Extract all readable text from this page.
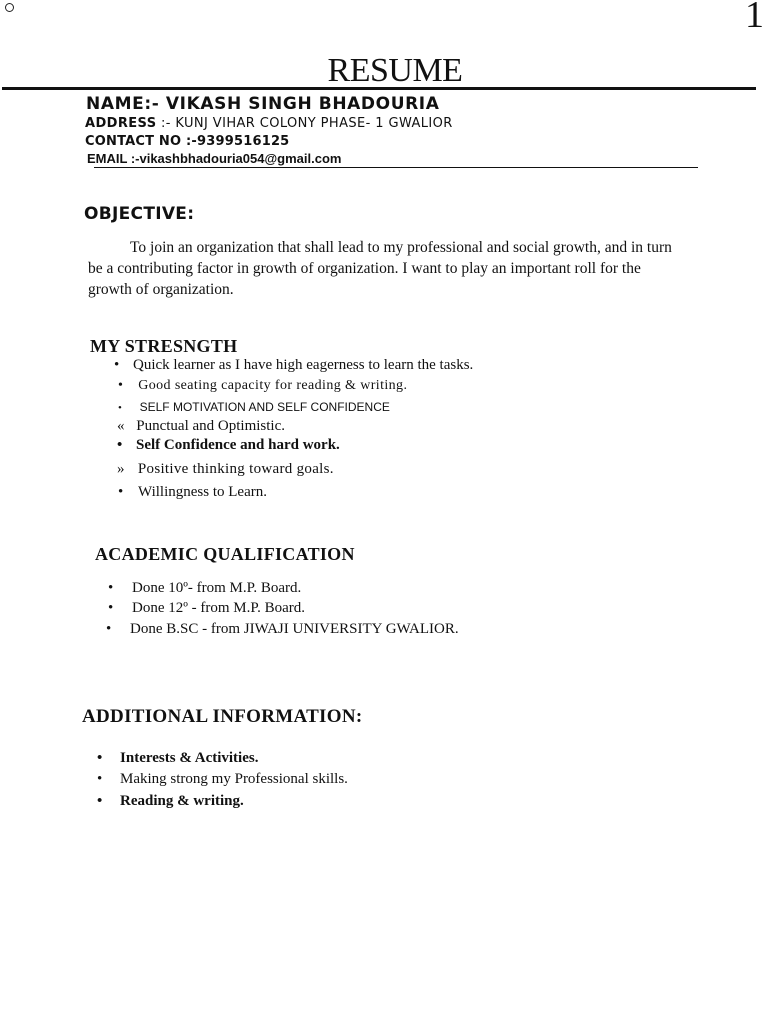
1
RESUME
NAME:- VIKASH SINGH BHADOURIA
ADDRESS :- KUNJ VIHAR COLONY PHASE- 1 GWALIOR
CONTACT NO :-9399516125
EMAIL :-vikashbhadouria054@gmail.com
OBJECTIVE:
To join an organization that shall lead to my professional and social growth, and in turn be a contributing factor in growth of organization. I want to play an important roll for the growth of organization.
MY STRESNGTH
• Quick learner as I have high eagerness to learn the tasks.
• Good seating capacity for reading & writing.
• SELF MOTIVATION AND SELF CONFIDENCE
« Punctual and Optimistic.
• Self Confidence and hard work.
» Positive thinking toward goals.
• Willingness to Learn.
ACADEMIC QUALIFICATION
• Done 10º- from M.P. Board.
• Done 12º - from M.P. Board.
• Done B.SC - from JIWAJI UNIVERSITY GWALIOR.
ADDITIONAL INFORMATION:
• Interests & Activities.
• Making strong my Professional skills.
• Reading & writing.
